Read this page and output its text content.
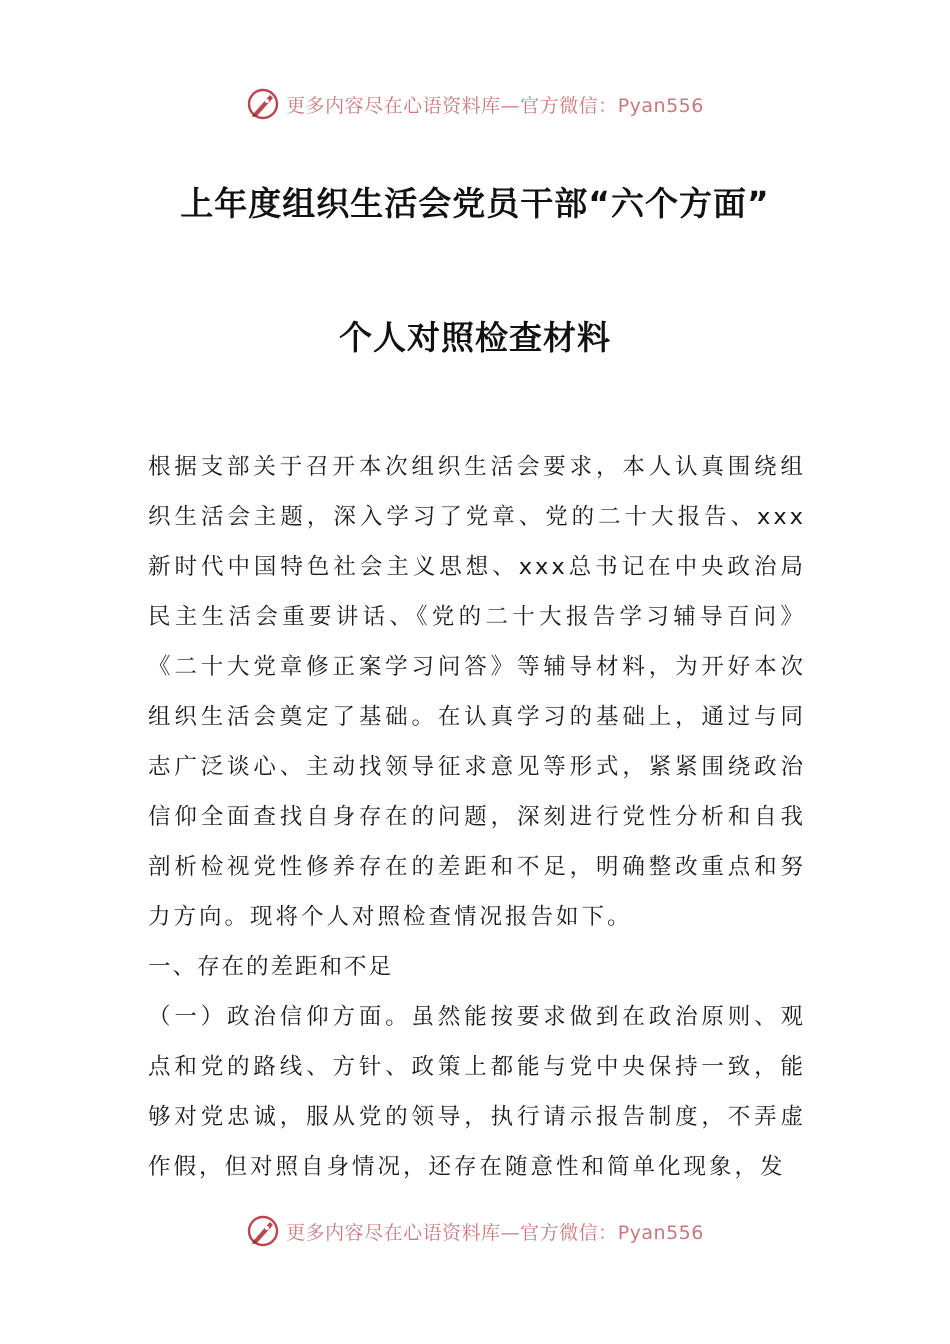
更多内容尽在心语资料库—官方微信：Pyan556
上年度组织生活会党员干部“六个方面”
个人对照检查材料

根据支部关于召开本次组织生活会要求，本人认真围绕组织生活会主题，深入学习了党章、党的二十大报告、xxx新时代中国特色社会主义思想、xxx总书记在中央政治局民主生活会重要讲话、《党的二十大报告学习辅导百问》《二十大党章修正案学习问答》等辅导材料，为开好本次组织生活会奠定了基础。在认真学习的基础上，通过与同志广泛谈心、主动找领导征求意见等形式，紧紧围绕政治信仰全面查找自身存在的问题，深刻进行党性分析和自我剖析检视党性修养存在的差距和不足，明确整改重点和努力方向。现将个人对照检查情况报告如下。

一、存在的差距和不足

（一）政治信仰方面。虽然能按要求做到在政治原则、观点和党的路线、方针、政策上都能与党中央保持一致，能够对党忠诚，服从党的领导，执行请示报告制度，不弄虚作假，但对照自身情况，还存在随意性和简单化现象，发

更多内容尽在心语资料库—官方微信：Pyan556
